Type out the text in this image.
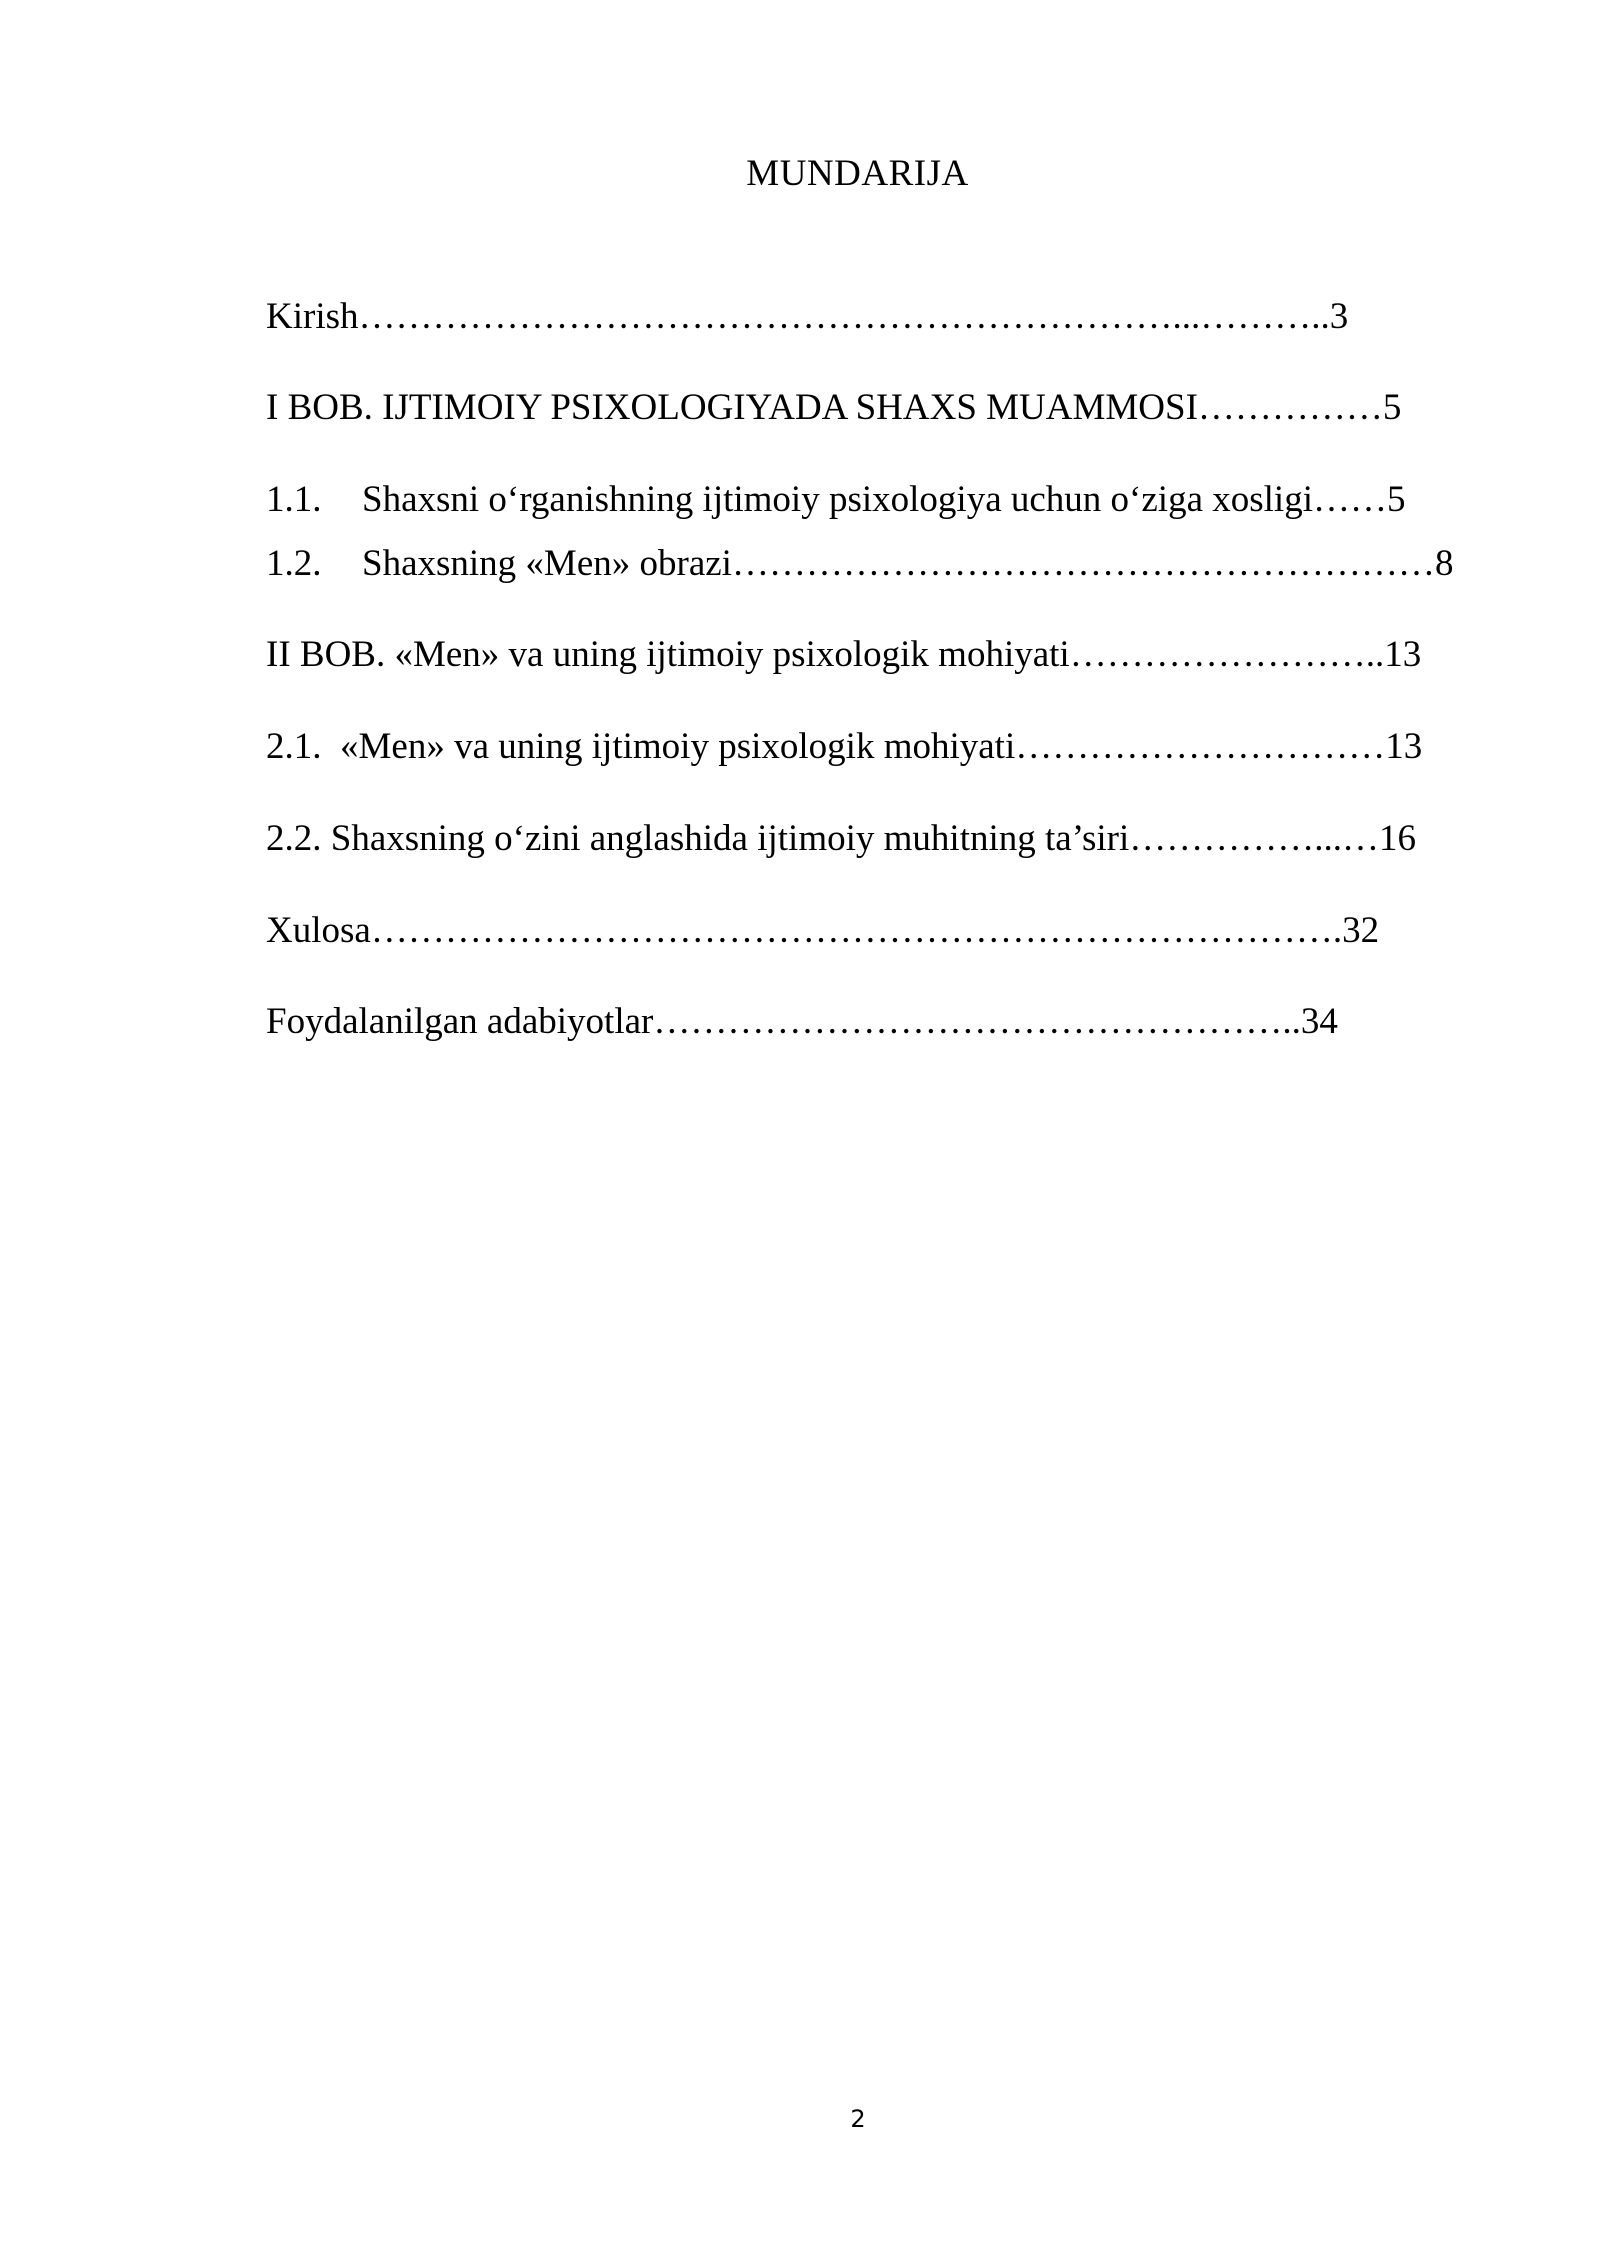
MUNDARIJA

Kirish…………………………………………………………...………..3

I BOB. IJTIMOIY PSIXOLOGIYADA SHAXS MUAMMOSI……………5

1.1. Shaxsni o‘rganishning ijtimoiy psixologiya uchun o‘ziga xosligi……5

1.2. Shaxsning «Men» obrazi…………………………………………………8

II BOB. «Men» va uning ijtimoiy psixologik mohiyati……………………..13

2.1.  «Men» va uning ijtimoiy psixologik mohiyati…………………………13

2.2. Shaxsning o‘zini anglashida ijtimoiy muhitning ta’siri……………...…16

Xulosa…………………………………………………………………….32

Foydalanilgan adabiyotlar……………………………………………..34

2
